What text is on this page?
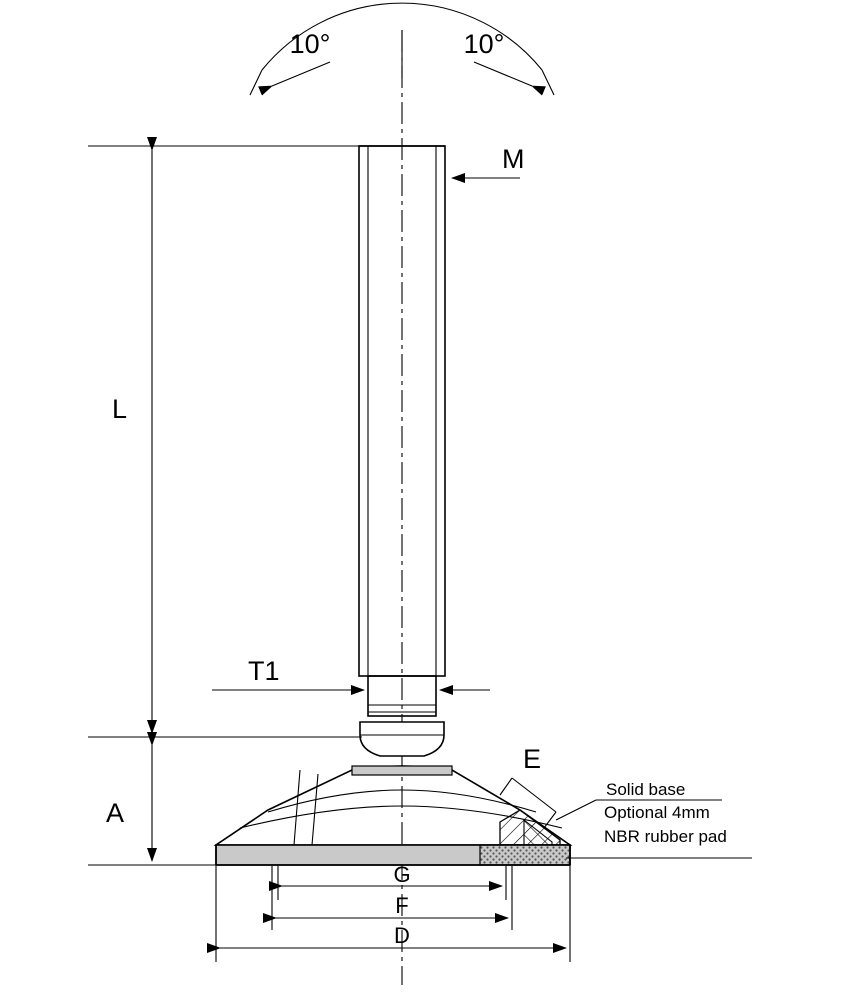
10°	10°
M
L
T1
A
E
Solid base
Optional 4mm
NBR rubber pad
G
F
D
